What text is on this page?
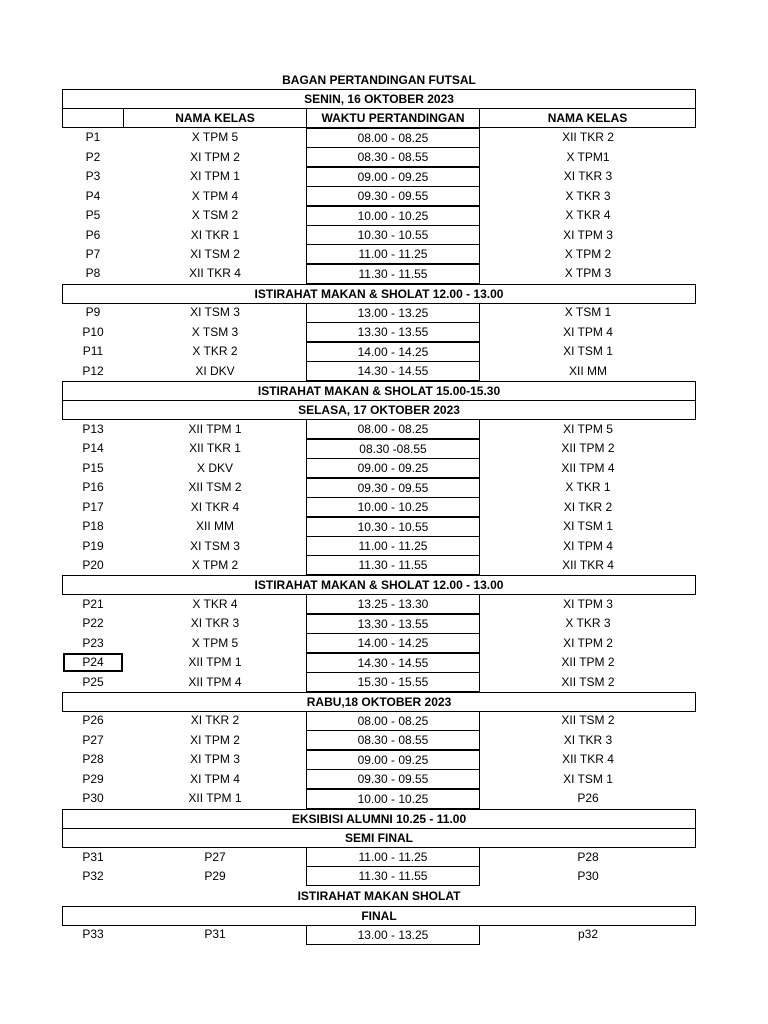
BAGAN PERTANDINGAN FUTSAL
SENIN, 16 OKTOBER 2023
NAMA KELAS	WAKTU PERTANDINGAN	NAMA KELAS
P1	X TPM 5	08.00 - 08.25	XII TKR 2
P2	XI TPM 2	08.30 - 08.55	X TPM1
P3	XI TPM 1	09.00 - 09.25	XI TKR 3
P4	X TPM 4	09.30 - 09.55	X TKR 3
P5	X TSM 2	10.00 - 10.25	X TKR 4
P6	XI TKR 1	10.30 - 10.55	XI TPM 3
P7	XI TSM 2	11.00 - 11.25	X TPM 2
P8	XII TKR 4	11.30 - 11.55	X TPM 3
ISTIRAHAT MAKAN & SHOLAT 12.00 - 13.00
P9	XI TSM 3	13.00 - 13.25	X TSM 1
P10	X TSM 3	13.30 - 13.55	XI TPM 4
P11	X TKR 2	14.00 - 14.25	XI TSM 1
P12	XI DKV	14.30 - 14.55	XII MM
ISTIRAHAT MAKAN & SHOLAT 15.00-15.30
SELASA, 17 OKTOBER 2023
P13	XII TPM 1	08.00 - 08.25	XI TPM 5
P14	XII TKR 1	08.30 -08.55	XII TPM 2
P15	X DKV	09.00 - 09.25	XII TPM 4
P16	XII TSM 2	09.30 - 09.55	X TKR 1
P17	XI TKR 4	10.00 - 10.25	XI TKR 2
P18	XII MM	10.30 - 10.55	XI TSM 1
P19	XI TSM 3	11.00 - 11.25	XI TPM 4
P20	X TPM 2	11.30 - 11.55	XII TKR 4
ISTIRAHAT MAKAN & SHOLAT 12.00 - 13.00
P21	X TKR 4	13.25 - 13.30	XI TPM 3
P22	XI TKR 3	13.30 - 13.55	X TKR 3
P23	X TPM 5	14.00 - 14.25	XI TPM 2
P24	XII TPM 1	14.30 - 14.55	XII TPM 2
P25	XII TPM 4	15.30 - 15.55	XII TSM 2
RABU,18 OKTOBER 2023
P26	XI TKR 2	08.00 - 08.25	XII TSM 2
P27	XI TPM 2	08.30 - 08.55	XI TKR 3
P28	XI TPM 3	09.00 - 09.25	XII TKR 4
P29	XI TPM 4	09.30 - 09.55	XI TSM 1
P30	XII TPM 1	10.00 - 10.25	P26
EKSIBISI ALUMNI 10.25 - 11.00
SEMI FINAL
P31	P27	11.00 - 11.25	P28
P32	P29	11.30 - 11.55	P30
ISTIRAHAT MAKAN SHOLAT
FINAL
P33	P31	13.00 - 13.25	p32
